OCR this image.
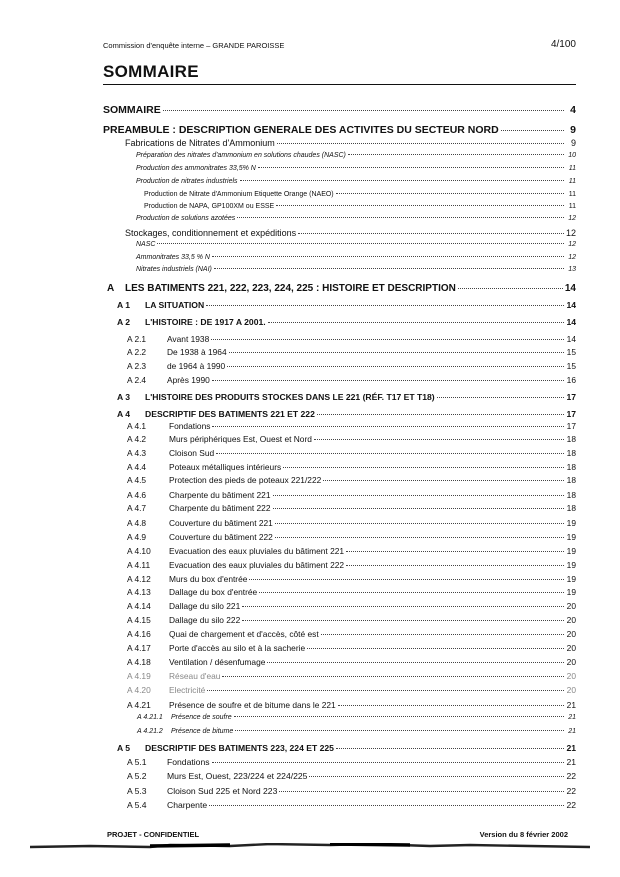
Commission d'enquête interne – GRANDE PAROISSE	4/100
SOMMAIRE
SOMMAIRE	4
PREAMBULE : DESCRIPTION GENERALE DES ACTIVITES DU SECTEUR NORD	9
Fabrications de Nitrates d'Ammonium	9
Préparation des nitrates d'ammonium en solutions chaudes (NASC)	10
Production des ammonitrates 33,5% N	11
Production de nitrates industriels	11
Production de Nitrate d'Ammonium Etiquette Orange (NAEO)	11
Production de NAPA, GP100XM ou ESSE	11
Production de solutions azotées	12
Stockages, conditionnement et expéditions	12
NASC	12
Ammonitrates 33,5 % N	12
Nitrates industriels (NAI)	13
A	LES BATIMENTS 221, 222, 223, 224, 225 : HISTOIRE ET DESCRIPTION	14
A 1	LA SITUATION	14
A 2	L'HISTOIRE : DE 1917 A 2001.	14
A 2.1	Avant 1938	14
A 2.2	De 1938 à 1964	15
A 2.3	de 1964 à 1990	15
A 2.4	Après 1990	16
A 3	L'HISTOIRE DES PRODUITS STOCKES DANS LE 221 (RÉF. T17 ET T18)	17
A 4	DESCRIPTIF DES BATIMENTS 221 ET 222	17
A 4.1	Fondations	17
A 4.2	Murs périphériques Est, Ouest et Nord	18
A 4.3	Cloison Sud	18
A 4.4	Poteaux métalliques intérieurs	18
A 4.5	Protection des pieds de poteaux 221/222	18
A 4.6	Charpente du bâtiment 221	18
A 4.7	Charpente du bâtiment 222	18
A 4.8	Couverture du bâtiment 221	19
A 4.9	Couverture du bâtiment 222	19
A 4.10	Evacuation des eaux pluviales du bâtiment 221	19
A 4.11	Evacuation des eaux pluviales du bâtiment 222	19
A 4.12	Murs du box d'entrée	19
A 4.13	Dallage du box d'entrée	19
A 4.14	Dallage du silo 221	20
A 4.15	Dallage du silo 222	20
A 4.16	Quai de chargement et d'accès, côté est	20
A 4.17	Porte d'accès au silo et à la sacherie	20
A 4.18	Ventilation / désenfumage	20
A 4.19	Réseau d'eau	20
A 4.20	Electricité	20
A 4.21	Présence de soufre et de bitume dans le 221	21
A 4.21.1	Présence de soufre	21
A 4.21.2	Présence de bitume	21
A 5	DESCRIPTIF DES BATIMENTS 223, 224 ET 225	21
A 5.1	Fondations	21
A 5.2	Murs Est, Ouest, 223/224 et 224/225	22
A 5.3	Cloison Sud 225 et Nord 223	22
A 5.4	Charpente	22
PROJET - CONFIDENTIEL	Version du 8 février 2002
